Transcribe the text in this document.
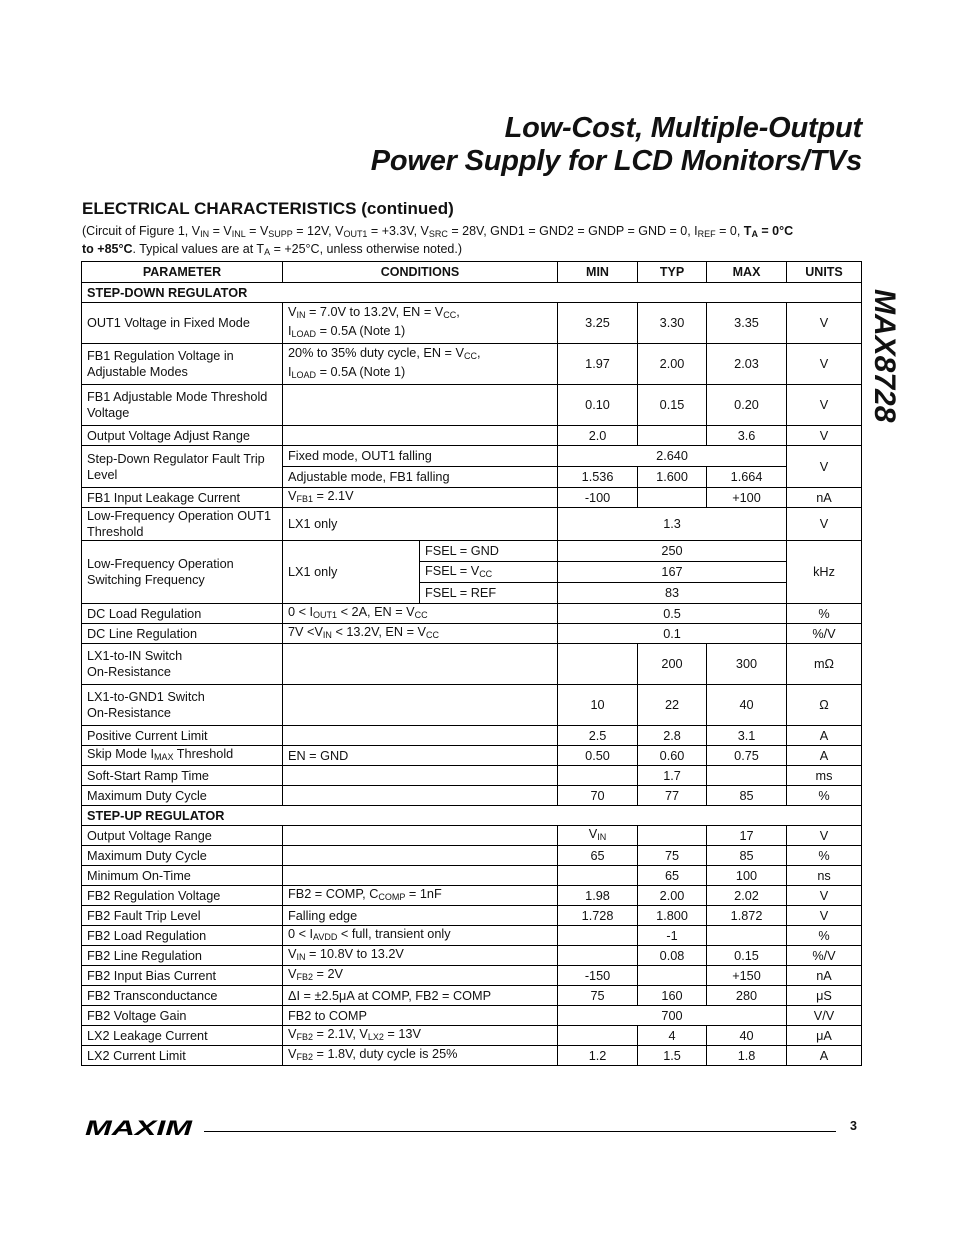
Low-Cost, Multiple-Output
Power Supply for LCD Monitors/TVs
MAX8728
ELECTRICAL CHARACTERISTICS (continued)
(Circuit of Figure 1, $V_{IN} = V_{INL} = V_{SUPP} = 12V$, $V_{OUT1} = +3.3V$, $V_{SRC} = 28V$, GND1 = GND2 = GNDP = GND = 0, $I_{REF} = 0$, $T_A = 0^\circ C$
to +85°C. Typical values are at $T_A = +25^\circ C$, unless otherwise noted.)
PARAMETER	CONDITIONS		MIN	TYP	MAX	UNITS
STEP-DOWN REGULATOR						
OUT1 Voltage in Fixed Mode	$V_{IN} = 7.0V$ to 13.2V, EN = $V_{CC}$,
$I_{LOAD} = 0.5A$ (Note 1)		3.25	3.30	3.35	V
FB1 Regulation Voltage in Adjustable Modes	20% to 35% duty cycle, EN = $V_{CC}$,
$I_{LOAD} = 0.5A$ (Note 1)		1.97	2.00	2.03	V
FB1 Adjustable Mode Threshold Voltage			0.10	0.15	0.20	V
Output Voltage Adjust Range			2.0		3.6	V
Step-Down Regulator Fault Trip Level	Fixed mode, OUT1 falling		2.640			V
	Adjustable mode, FB1 falling		1.536	1.600	1.664	
FB1 Input Leakage Current	$V_{FB1} = 2.1V$		-100		+100	nA
Low-Frequency Operation OUT1 Threshold	LX1 only		1.3			V
Low-Frequency Operation Switching Frequency	LX1 only	FSEL = GND	250			kHz
		FSEL = $V_{CC}$	167			
		FSEL = REF	83			
DC Load Regulation	$0 < I_{OUT1} < 2A$, EN = $V_{CC}$		0.5			%
DC Line Regulation	$7V <V_{IN} < 13.2V$, EN = $V_{CC}$		0.1			%/V
LX1-to-IN Switch
On-Resistance				200	300	mΩ
LX1-to-GND1 Switch
On-Resistance			10	22	40	Ω
Positive Current Limit			2.5	2.8	3.1	A
Skip Mode $I_{MAX}$ Threshold	EN = GND		0.50	0.60	0.75	A
Soft-Start Ramp Time				1.7		ms
Maximum Duty Cycle			70	77	85	%
STEP-UP REGULATOR						
Output Voltage Range			$V_{IN}$		17	V
Maximum Duty Cycle			65	75	85	%
Minimum On-Time				65	100	ns
FB2 Regulation Voltage	FB2 = COMP, $C_{COMP} = 1nF$		1.98	2.00	2.02	V
FB2 Fault Trip Level	Falling edge		1.728	1.800	1.872	V
FB2 Load Regulation	$0 < I_{AVDD}$ < full, transient only			-1		%
FB2 Line Regulation	$V_{IN} = 10.8V$ to 13.2V			0.08	0.15	%/V
FB2 Input Bias Current	$V_{FB2} = 2V$		-150		+150	nA
FB2 Transconductance	ΔI = ±2.5μA at COMP, FB2 = COMP		75	160	280	μS
FB2 Voltage Gain	FB2 to COMP		700			V/V
LX2 Leakage Current	$V_{FB2} = 2.1V$, $V_{LX2} = 13V$			4	40	μA
LX2 Current Limit	$V_{FB2} = 1.8V$, duty cycle is 25%		1.2	1.5	1.8	A
MAXIM	3
